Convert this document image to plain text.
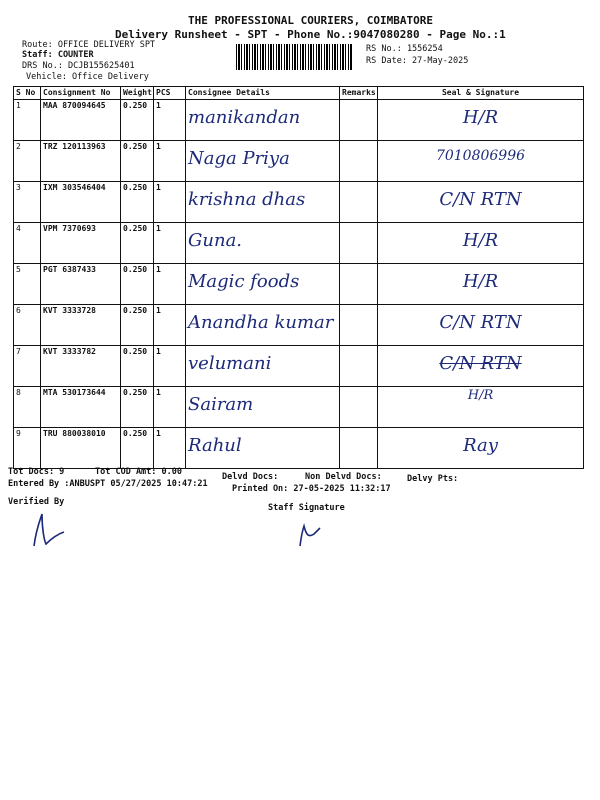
THE PROFESSIONAL COURIERS, COIMBATORE
Delivery Runsheet - SPT - Phone No.:9047080280 - Page No.:1
Route: OFFICE DELIVERY SPT
Staff: COUNTER
DRS No.: DCJB155625401
Vehicle: Office Delivery
RS No.: 1556254
RS Date: 27-May-2025
S No	Consignment No	Weight	PCS	Consignee Details	Remarks	Seal & Signature
1	MAA 870094645	0.250	1	manikandan		H/R

2	TRZ 120113963	0.250	1	Naga Priya		7010806996

3	IXM 303546404	0.250	1	krishna dhas		C/N RTN

4	VPM 7370693	0.250	1	Guna.		H/R

5	PGT 6387433	0.250	1	Magic foods		H/R

6	KVT 3333728	0.250	1	Anandha kumar		C/N RTN

7	KVT 3333782	0.250	1	velumani		C/N RTN

8	MTA 530173644	0.250	1	Sairam		H/R

9	TRU 880038010	0.250	1	Rahul		Ray
Tot Docs: 9	Tot COD Amt: 0.00	Delvd Docs:	Non Delvd Docs:	Delvy Pts:
Entered By :ANBUSPT 05/27/2025 10:47:21	Printed On: 27-05-2025 11:32:17
Verified By
Staff Signature
